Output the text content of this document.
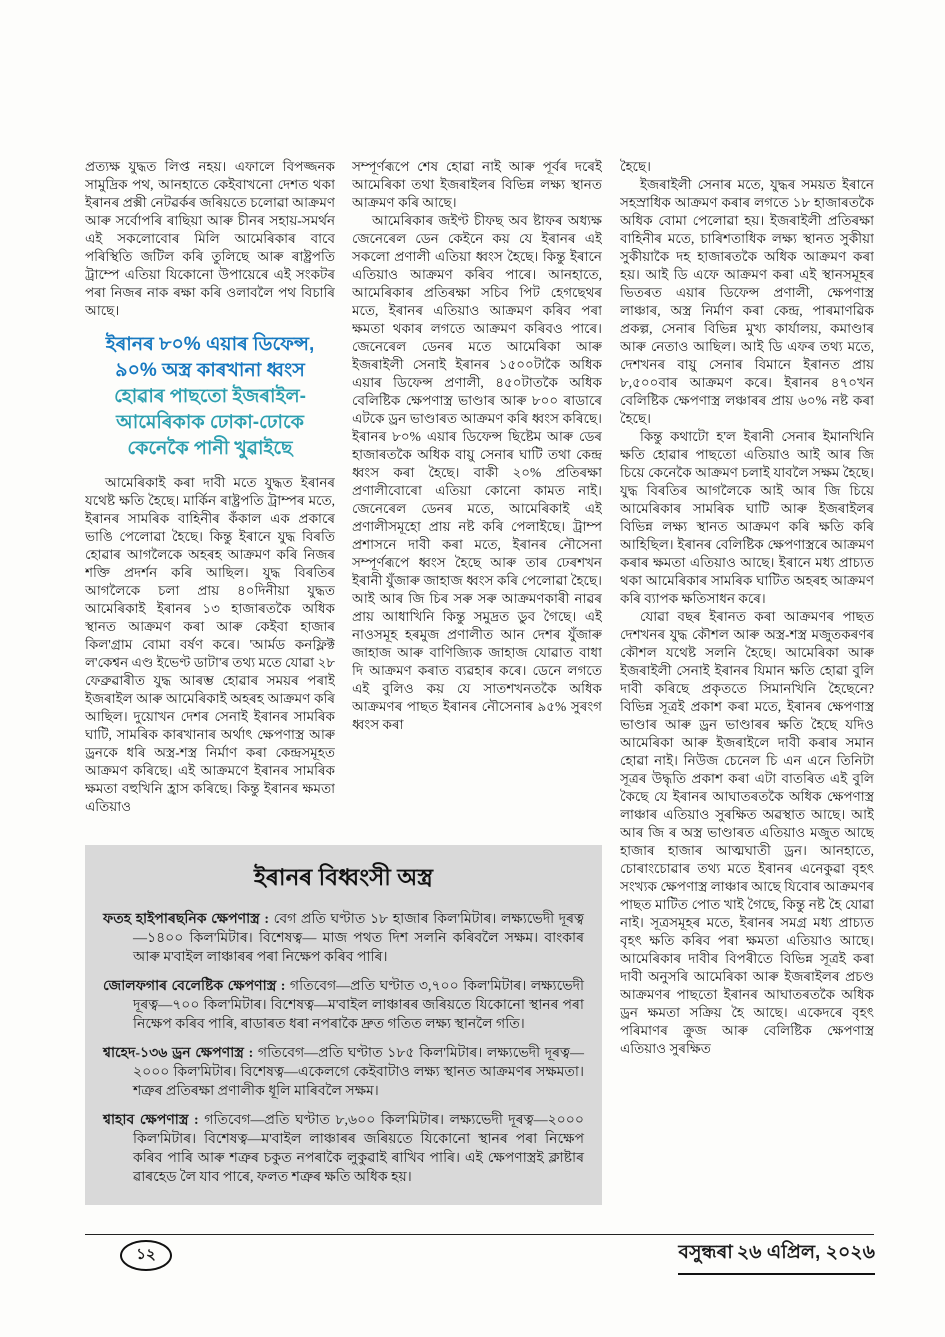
প্ৰত্যক্ষ যুদ্ধত লিপ্ত নহয়। এফালে বিপজ্জনক সামুদ্ৰিক পথ, আনহাতে কেইবাখনো দেশত থকা ইৰানৰ প্ৰক্সী নেটৱৰ্কৰ জৰিয়তে চলোৱা আক্ৰমণ আৰু সৰ্বোপৰি ৰাছিয়া আৰু চীনৰ সহায়-সমৰ্থন এই সকলোবোৰ মিলি আমেৰিকাৰ বাবে পৰিস্থিতি জটিল কৰি তুলিছে আৰু ৰাষ্ট্ৰপতি ট্ৰাম্পে এতিয়া যিকোনো উপায়েৰে এই সংকটৰ পৰা নিজৰ নাক ৰক্ষা কৰি ওলাবলৈ পথ বিচাৰি আছে।

ইৰানৰ ৮০% এয়াৰ ডিফেন্স,
৯০% অস্ত্ৰ কাৰখানা ধ্বংস
হোৱাৰ পাছতো ইজৰাইল-
আমেৰিকাক ঢোকা-ঢোকে
কেনেকৈ পানী খুৱাইছে

আমেৰিকাই কৰা দাবী মতে যুদ্ধত ইৰানৰ যথেষ্ট ক্ষতি হৈছে। মাৰ্কিন ৰাষ্ট্ৰপতি ট্ৰাম্পৰ মতে, ইৰানৰ সামৰিক বাহিনীৰ কঁকাল এক প্ৰকাৰে ভাঙি পেলোৱা হৈছে। কিন্তু ইৰানে যুদ্ধ বিৰতি হোৱাৰ আগলৈকে অহৰহ আক্ৰমণ কৰি নিজৰ শক্তি প্ৰদৰ্শন কৰি আছিল। যুদ্ধ বিৰতিৰ আগলৈকে চলা প্ৰায় ৪০দিনীয়া যুদ্ধত আমেৰিকাই ইৰানৰ ১৩ হাজাৰতকৈ অধিক স্থানত আক্ৰমণ কৰা আৰু কেইবা হাজাৰ কিল'গ্ৰাম বোমা বৰ্ষণ কৰে। 'আৰ্মড কনফ্লিক্ট ল'কেশ্বন এণ্ড ইভেণ্ট ডাটা'ৰ তথ্য মতে যোৱা ২৮ ফেব্ৰুৱাৰীত যুদ্ধ আৰম্ভ হোৱাৰ সময়ৰ পৰাই ইজৰাইল আৰু আমেৰিকাই অহৰহ আক্ৰমণ কৰি আছিল। দুয়োখন দেশৰ সেনাই ইৰানৰ সামৰিক ঘাটি, সামৰিক কাৰখানাৰ অৰ্থাৎ ক্ষেপণাস্ত্ৰ আৰু ড্ৰনকে ধৰি অস্ত্ৰ-শস্ত্ৰ নিৰ্মাণ কৰা কেন্দ্ৰসমূহত আক্ৰমণ কৰিছে। এই আক্ৰমণে ইৰানৰ সামৰিক ক্ষমতা বহুখিনি হ্ৰাস কৰিছে। কিন্তু ইৰানৰ ক্ষমতা এতিয়াও

সম্পূৰ্ণৰূপে শেষ হোৱা নাই আৰু পূৰ্বৰ দৰেই আমেৰিকা তথা ইজৰাইলৰ বিভিন্ন লক্ষ্য স্থানত আক্ৰমণ কৰি আছে।

আমেৰিকাৰ জইণ্ট চীফছ অব ষ্টাফৰ অধ্যক্ষ জেনেৰেল ডেন কেইনে কয় যে ইৰানৰ এই সকলো প্ৰণালী এতিয়া ধ্বংস হৈছে। কিন্তু ইৰানে এতিয়াও আক্ৰমণ কৰিব পাৰে। আনহাতে, আমেৰিকাৰ প্ৰতিৰক্ষা সচিব পিট হেগছেথৰ মতে, ইৰানৰ এতিয়াও আক্ৰমণ কৰিব পৰা ক্ষমতা থকাৰ লগতে আক্ৰমণ কৰিবও পাৰে। জেনেৰেল ডেনৰ মতে আমেৰিকা আৰু ইজৰাইলী সেনাই ইৰানৰ ১৫০০টাকৈ অধিক এয়াৰ ডিফেন্স প্ৰণালী, ৪৫০টাতকৈ অধিক বেলিষ্টিক ক্ষেপণাস্ত্ৰ ভাণ্ডাৰ আৰু ৮০০ ৰাডাৰে এটকে ড্ৰন ভাণ্ডাৰত আক্ৰমণ কৰি ধ্বংস কৰিছে। ইৰানৰ ৮০% এয়াৰ ডিফেন্স ছিষ্টেম আৰু ডেৰ হাজাৰতকৈ অধিক বায়ু সেনাৰ ঘাটি তথা কেন্দ্ৰ ধ্বংস কৰা হৈছে। বাকী ২০% প্ৰতিৰক্ষা প্ৰণালীবোৰো এতিয়া কোনো কামত নাই। জেনেৰেল ডেনৰ মতে, আমেৰিকাই এই প্ৰণালীসমূহো প্ৰায় নষ্ট কৰি পেলাইছে। ট্ৰাম্প প্ৰশাসনে দাবী কৰা মতে, ইৰানৰ নৌসেনা সম্পূৰ্ণৰূপে ধ্বংস হৈছে আৰু তাৰ ঢেৰশখন ইৰানী যুঁজাৰু জাহাজ ধ্বংস কৰি পেলোৱা হৈছে। আই আৰ জি চিৰ সৰু সৰু আক্ৰমণকাৰী নাৱৰ প্ৰায় আধাখিনি কিন্তু সমুদ্ৰত ডুব গৈছে। এই নাওসমূহ হৰমুজ প্ৰণালীত আন দেশৰ যুঁজাৰু জাহাজ আৰু বাণিজ্যিক জাহাজ যোৱাত বাধা দি আক্ৰমণ কৰাত ব্যৱহাৰ কৰে। ডেনে লগতে এই বুলিও কয় যে সাতশখনতকৈ অধিক আক্ৰমণৰ পাছত ইৰানৰ নৌসেনাৰ ৯৫% সুৰংগ ধ্বংস কৰা

হৈছে।

ইজৰাইলী সেনাৰ মতে, যুদ্ধৰ সময়ত ইৰানে সহস্ৰাধিক আক্ৰমণ কৰাৰ লগতে ১৮ হাজাৰতকৈ অধিক বোমা পেলোৱা হয়। ইজৰাইলী প্ৰতিৰক্ষা বাহিনীৰ মতে, চাৰিশতাধিক লক্ষ্য স্থানত সুকীয়া সুকীয়াকৈ দহ হাজাৰতকৈ অধিক আক্ৰমণ কৰা হয়। আই ডি এফে আক্ৰমণ কৰা এই স্থানসমূহৰ ভিতৰত এয়াৰ ডিফেন্স প্ৰণালী, ক্ষেপণাস্ত্ৰ লাঞ্চাৰ, অস্ত্ৰ নিৰ্মাণ কৰা কেন্দ্ৰ, পাৰমাণৱিক প্ৰকল্প, সেনাৰ বিভিন্ন মুখ্য কাৰ্যালয়, কমাণ্ডাৰ আৰু নেতাও আছিল। আই ডি এফৰ তথ্য মতে, দেশখনৰ বায়ু সেনাৰ বিমানে ইৰানত প্ৰায় ৮,৫০০বাৰ আক্ৰমণ কৰে। ইৰানৰ ৪৭০খন বেলিষ্টিক ক্ষেপণাস্ত্ৰ লঞ্চাৰৰ প্ৰায় ৬০% নষ্ট কৰা হৈছে।

কিন্তু কথাটো হ'ল ইৰানী সেনাৰ ইমানখিনি ক্ষতি হোৱাৰ পাছতো এতিয়াও আই আৰ জি চিয়ে কেনেকৈ আক্ৰমণ চলাই যাবলৈ সক্ষম হৈছে। যুদ্ধ বিৰতিৰ আগলৈকে আই আৰ জি চিয়ে আমেৰিকাৰ সামৰিক ঘাটি আৰু ইজৰাইলৰ বিভিন্ন লক্ষ্য স্থানত আক্ৰমণ কৰি ক্ষতি কৰি আহিছিল। ইৰানৰ বেলিষ্টিক ক্ষেপণাস্ত্ৰৰে আক্ৰমণ কৰাৰ ক্ষমতা এতিয়াও আছে। ইৰানে মধ্য প্ৰাচ্যত থকা আমেৰিকাৰ সামৰিক ঘাটিত অহৰহ আক্ৰমণ কৰি ব্যাপক ক্ষতিসাধন কৰে।

যোৱা বছৰ ইৰানত কৰা আক্ৰমণৰ পাছত দেশখনৰ যুদ্ধ কৌশল আৰু অস্ত্ৰ-শস্ত্ৰ মজুতকৰণৰ কৌশল যথেষ্ট সলনি হৈছে। আমেৰিকা আৰু ইজৰাইলী সেনাই ইৰানৰ যিমান ক্ষতি হোৱা বুলি দাবী কৰিছে প্ৰকৃততে সিমানখিনি হৈছেনে? বিভিন্ন সূত্ৰই প্ৰকাশ কৰা মতে, ইৰানৰ ক্ষেপণাস্ত্ৰ ভাণ্ডাৰ আৰু ড্ৰন ভাণ্ডাৰৰ ক্ষতি হৈছে যদিও আমেৰিকা আৰু ইজৰাইলে দাবী কৰাৰ সমান হোৱা নাই। নিউজ চেনেল চি এন এনে তিনিটা সূত্ৰৰ উদ্ধৃতি প্ৰকাশ কৰা এটা বাতৰিত এই বুলি কৈছে যে ইৰানৰ আঘাতৰতকৈ অধিক ক্ষেপণাস্ত্ৰ লাঞ্চাৰ এতিয়াও সুৰক্ষিত অৱস্থাত আছে। আই আৰ জি ৰ অস্ত্ৰ ভাণ্ডাৰত এতিয়াও মজুত আছে হাজাৰ হাজাৰ আত্মঘাতী ড্ৰন। আনহাতে, চোৰাংচোৱাৰ তথ্য মতে ইৰানৰ এনেকুৱা বৃহৎ সংখ্যক ক্ষেপণাস্ত্ৰ লাঞ্চাৰ আছে যিবোৰ আক্ৰমণৰ পাছত মাটিত পোত খাই গৈছে, কিন্তু নষ্ট হৈ যোৱা নাই। সূত্ৰসমূহৰ মতে, ইৰানৰ সমগ্ৰ মধ্য প্ৰাচ্যত বৃহৎ ক্ষতি কৰিব পৰা ক্ষমতা এতিয়াও আছে। আমেৰিকাৰ দাবীৰ বিপৰীতে বিভিন্ন সূত্ৰই কৰা দাবী অনুসৰি আমেৰিকা আৰু ইজৰাইলৰ প্ৰচণ্ড আক্ৰমণৰ পাছতো ইৰানৰ আঘাতৰতকৈ অধিক ড্ৰন ক্ষমতা সক্ৰিয় হৈ আছে। একেদৰে বৃহৎ পৰিমাণৰ ক্ৰুজ আৰু বেলিষ্টিক ক্ষেপণাস্ত্ৰ এতিয়াও সুৰক্ষিত

ইৰানৰ বিধ্বংসী অস্ত্ৰ

ফতহ হাইপাৰছনিক ক্ষেপণাস্ত্ৰ : বেগ প্ৰতি ঘণ্টাত ১৮ হাজাৰ কিল'মিটাৰ। লক্ষ্যভেদী দূৰত্ব—১৪০০ কিল'মিটাৰ। বিশেষত্ব— মাজ পথত দিশ সলনি কৰিবলৈ সক্ষম। বাংকাৰ আৰু ম'বাইল লাঞ্চাৰৰ পৰা নিক্ষেপ কৰিব পাৰি।

জোলফগাৰ বেলেষ্টিক ক্ষেপণাস্ত্ৰ : গতিবেগ—প্ৰতি ঘণ্টাত ৩,৭০০ কিল'মিটাৰ। লক্ষ্যভেদী দূৰত্ব—৭০০ কিল'মিটাৰ। বিশেষত্ব—ম'বাইল লাঞ্চাৰৰ জৰিয়তে যিকোনো স্থানৰ পৰা নিক্ষেপ কৰিব পাৰি, ৰাডাৰত ধৰা নপৰাকৈ দ্ৰুত গতিত লক্ষ্য স্থানলৈ গতি।

শ্বাহেদ-১৩৬ ড্ৰন ক্ষেপণাস্ত্ৰ : গতিবেগ—প্ৰতি ঘণ্টাত ১৮৫ কিল'মিটাৰ। লক্ষ্যভেদী দূৰত্ব—২০০০ কিল'মিটাৰ। বিশেষত্ব—একেলগে কেইবাটাও লক্ষ্য স্থানত আক্ৰমণৰ সক্ষমতা। শত্ৰুৰ প্ৰতিৰক্ষা প্ৰণালীক ধূলি মাৰিবলৈ সক্ষম।

শ্বাহাব ক্ষেপণাস্ত্ৰ : গতিবেগ—প্ৰতি ঘণ্টাত ৮,৬০০ কিল'মিটাৰ। লক্ষ্যভেদী দূৰত্ব—২০০০ কিল'মিটাৰ। বিশেষত্ব—ম'বাইল লাঞ্চাৰৰ জৰিয়তে যিকোনো স্থানৰ পৰা নিক্ষেপ কৰিব পাৰি আৰু শত্ৰুৰ চকুত নপৰাকৈ লুকুৱাই ৰাখিব পাৰি। এই ক্ষেপণাস্ত্ৰই ক্লাষ্টাৰ ৱাৰহেড লৈ যাব পাৰে, ফলত শত্ৰুৰ ক্ষতি অধিক হয়।

১২	বসুন্ধৰা ২৬ এপ্ৰিল, ২০২৬
